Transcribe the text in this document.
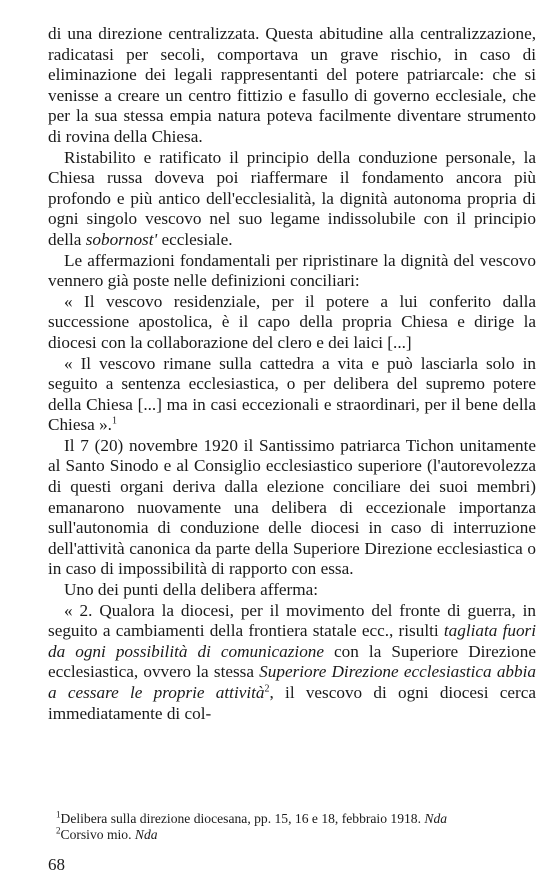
di una direzione centralizzata. Questa abitudine alla centralizzazione, radicatasi per secoli, comportava un grave rischio, in caso di eliminazione dei legali rappresentanti del potere patriarcale: che si venisse a creare un centro fittizio e fasullo di governo ecclesiale, che per la sua stessa empia natura poteva facilmente diventare strumento di rovina della Chiesa.

Ristabilito e ratificato il principio della conduzione personale, la Chiesa russa doveva poi riaffermare il fondamento ancora più profondo e più antico dell'ecclesialità, la dignità autonoma propria di ogni singolo vescovo nel suo legame indissolubile con il principio della sobornost' ecclesiale.

Le affermazioni fondamentali per ripristinare la dignità del vescovo vennero già poste nelle definizioni conciliari:

« Il vescovo residenziale, per il potere a lui conferito dalla successione apostolica, è il capo della propria Chiesa e dirige la diocesi con la collaborazione del clero e dei laici [...]

« Il vescovo rimane sulla cattedra a vita e può lasciarla solo in seguito a sentenza ecclesiastica, o per delibera del supremo potere della Chiesa [...] ma in casi eccezionali e straordinari, per il bene della Chiesa ».$^1$

Il 7 (20) novembre 1920 il Santissimo patriarca Tichon unitamente al Santo Sinodo e al Consiglio ecclesiastico superiore (l'autorevolezza di questi organi deriva dalla elezione conciliare dei suoi membri) emanarono nuovamente una delibera di eccezionale importanza sull'autonomia di conduzione delle diocesi in caso di interruzione dell'attività canonica da parte della Superiore Direzione ecclesiastica o in caso di impossibilità di rapporto con essa.

Uno dei punti della delibera afferma:

« 2. Qualora la diocesi, per il movimento del fronte di guerra, in seguito a cambiamenti della frontiera statale ecc., risulti tagliata fuori da ogni possibilità di comunicazione con la Superiore Direzione ecclesiastica, ovvero la stessa Superiore Direzione ecclesiastica abbia a cessare le proprie attività$^2$, il vescovo di ogni diocesi cerca immediatamente di col-

$^1$Delibera sulla direzione diocesana, pp. 15, 16 e 18, febbraio 1918. Nda

$^2$Corsivo mio. Nda

68
